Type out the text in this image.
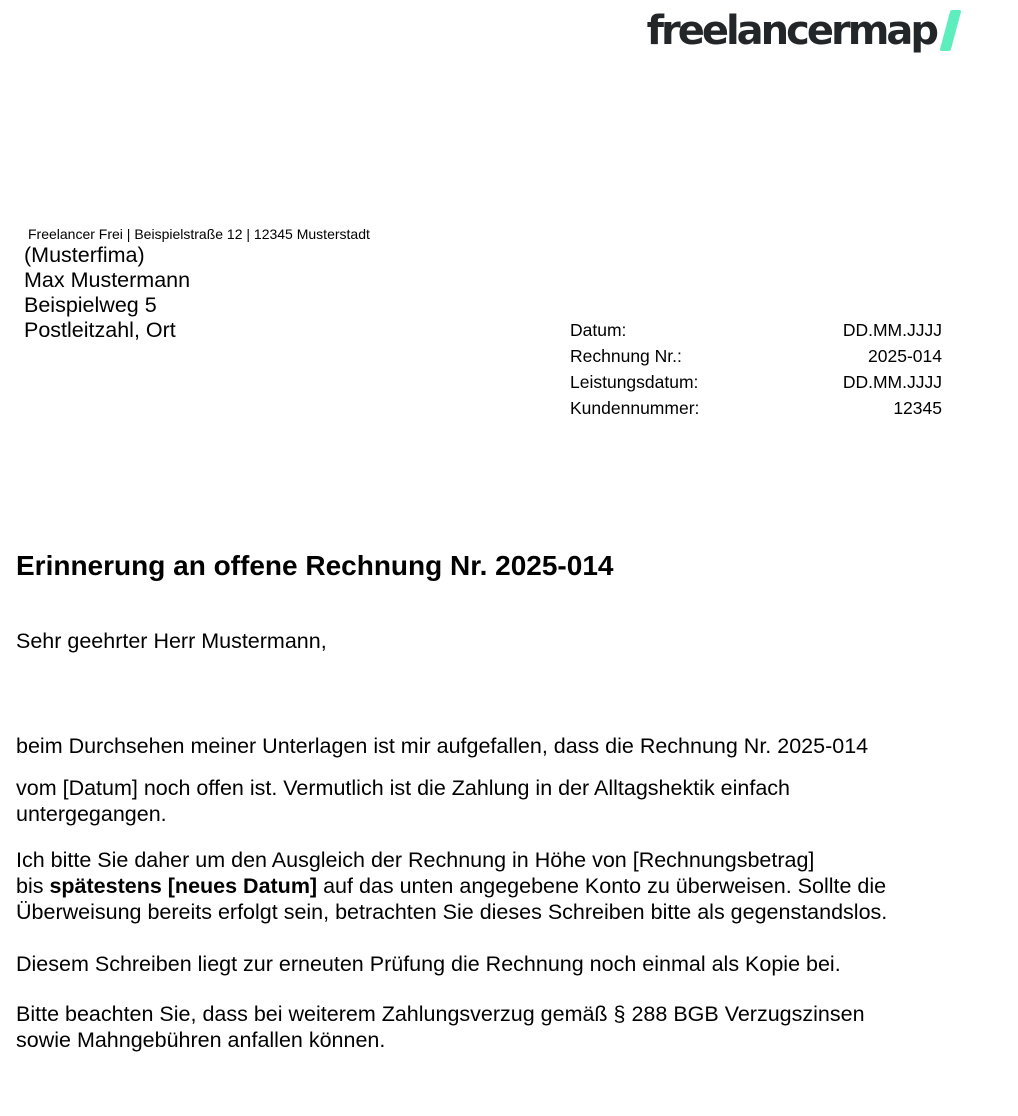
freelancermap
Freelancer Frei | Beispielstraße 12 | 12345 Musterstadt
(Musterfima)
Max Mustermann
Beispielweg 5
Postleitzahl, Ort	Datum:	DD.MM.JJJJ
Rechnung Nr.:	2025-014
Leistungsdatum:	DD.MM.JJJJ
Kundennummer:	12345
Erinnerung an offene Rechnung Nr. 2025-014
Sehr geehrter Herr Mustermann,
beim Durchsehen meiner Unterlagen ist mir aufgefallen, dass die Rechnung Nr. 2025-014
vom [Datum] noch offen ist. Vermutlich ist die Zahlung in der Alltagshektik einfach
untergegangen.
Ich bitte Sie daher um den Ausgleich der Rechnung in Höhe von [Rechnungsbetrag]
bis spätestens [neues Datum] auf das unten angegebene Konto zu überweisen. Sollte die
Überweisung bereits erfolgt sein, betrachten Sie dieses Schreiben bitte als gegenstandslos.
Diesem Schreiben liegt zur erneuten Prüfung die Rechnung noch einmal als Kopie bei.
Bitte beachten Sie, dass bei weiterem Zahlungsverzug gemäß § 288 BGB Verzugszinsen
sowie Mahngebühren anfallen können.
